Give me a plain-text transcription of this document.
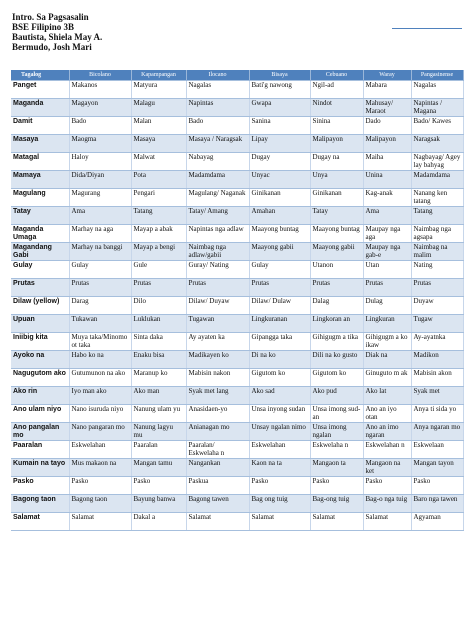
Intro. Sa Pagsasalin
BSE Filipino 3B
Bautista, Shiela May A.
Bermudo, Josh Mari
Tagalog	Bicolano	Kapampangan	Ilocano	Bisaya	Cebuano	Waray	Pangasinense
Panget	Makanos	Matyura	Nagalas	Bati'g nawong	Ngil-ad	Mabara	Nagalas
Maganda	Magayon	Malagu	Napintas	Gwapa	Nindot	Mahusay/ Maraot	Napintas / Magana
Damit	Bado	Malan	Bado	Sanina	Sinina	Dado	Bado/ Kawes
Masaya	Maogma	Masaya	Masaya / Naragsak	Lipay	Malipayon	Malipayon	Naragsak
Matagal	Haloy	Malwat	Nabayag	Dugay	Dugay na	Maiha	Nagbayag/ Agey lay bahyag
Mamaya	Dida/Diyan	Pota	Madamdama	Unyac	Unya	Unina	Madamdama
Magulang	Magurang	Pengari	Magulang/ Naganak	Ginikanan	Ginikanan	Kag-anak	Nanang ken tatang
Tatay	Ama	Tatang	Tatay/ Amang	Amahan	Tatay	Ama	Tatang
Maganda Umaga	Marhay na aga	Mayap a abak	Napintas nga adlaw	Maayong buntag	Maayong buntag	Maupay nga aga	Naimbag nga agsapa
Magandang Gabi	Marhay na banggi	Mayap a bengi	Naimbag nga adlaw/gabii	Maayong gabii	Maayong gabii	Maupay nga gab-e	Naimbag na malim
Gulay	Gulay	Gule	Guray/ Nating	Gulay	Utanon	Utan	Nating
Prutas	Prutas	Prutas	Prutas	Prutas	Prutas	Prutas	Prutas
Dilaw (yellow)	Darag	Dilo	Dilaw/ Duyaw	Dilaw/ Dulaw	Dalag	Dulag	Duyaw
Upuan	Tukawan	Luklukan	Tugawan	Lingkuranan	Lingkoran an	Lingkuran	Tugaw
Iniibig kita	Muya taka/Minomo ot taka	Sinta daka	Ay ayaten ka	Gipangga taka	Gihigugm a tika	Gihigugm a ko ikaw	Ay-ayatnka
Ayoko na	Habo ko na	Enaku bisa	Madikayen ko	Di na ko	Dili na ko gusto	Diak na	Madikon
Nagugutom ako	Gutumunon na ako	Maranup ko	Mabisin nakon	Gigutom ko	Gigutom ko	Ginuguto m ak	Mabisin akon
Ako rin	Iyo man ako	Ako man	Syak met lang	Ako sad	Ako pud	Ako lat	Syak met
Ano ulam niyo	Nano isuruda niyo	Nanung ulam yu	Anasidaen-yo	Unsa inyong sudan	Unsa imong sud-an	Ano an iyo otan	Anya ti sida yo
Ano pangalan mo	Nano pangaran mo	Nanung lagyu mu	Anianagan mo	Unsay ngalan nimo	Unsa imong ngalan	Ano an imo ngaran	Anya ngaran mo
Paaralan	Eskwelahan	Paaralan	Paaralan/ Eskwelaha n	Eskwelahan	Eskwelaha n	Eskwelahan n	Eskwelaan
Kumain na tayo	Mus makaon na	Mangan tamu	Nangankan	Kaon na ta	Mangaon ta	Mangaon na ket	Mangan tayon
Pasko	Pasko	Pasko	Paskua	Pasko	Pasko	Pasko	Pasko
Bagong taon	Bagong taon	Bayung banwa	Bagong tawen	Bag ong tuig	Bag-ong tuig	Bag-o nga tuig	Baro nga tawen
Salamat	Salamat	Dakal a	Salamat	Salamat	Salamat	Salamat	Agyaman
